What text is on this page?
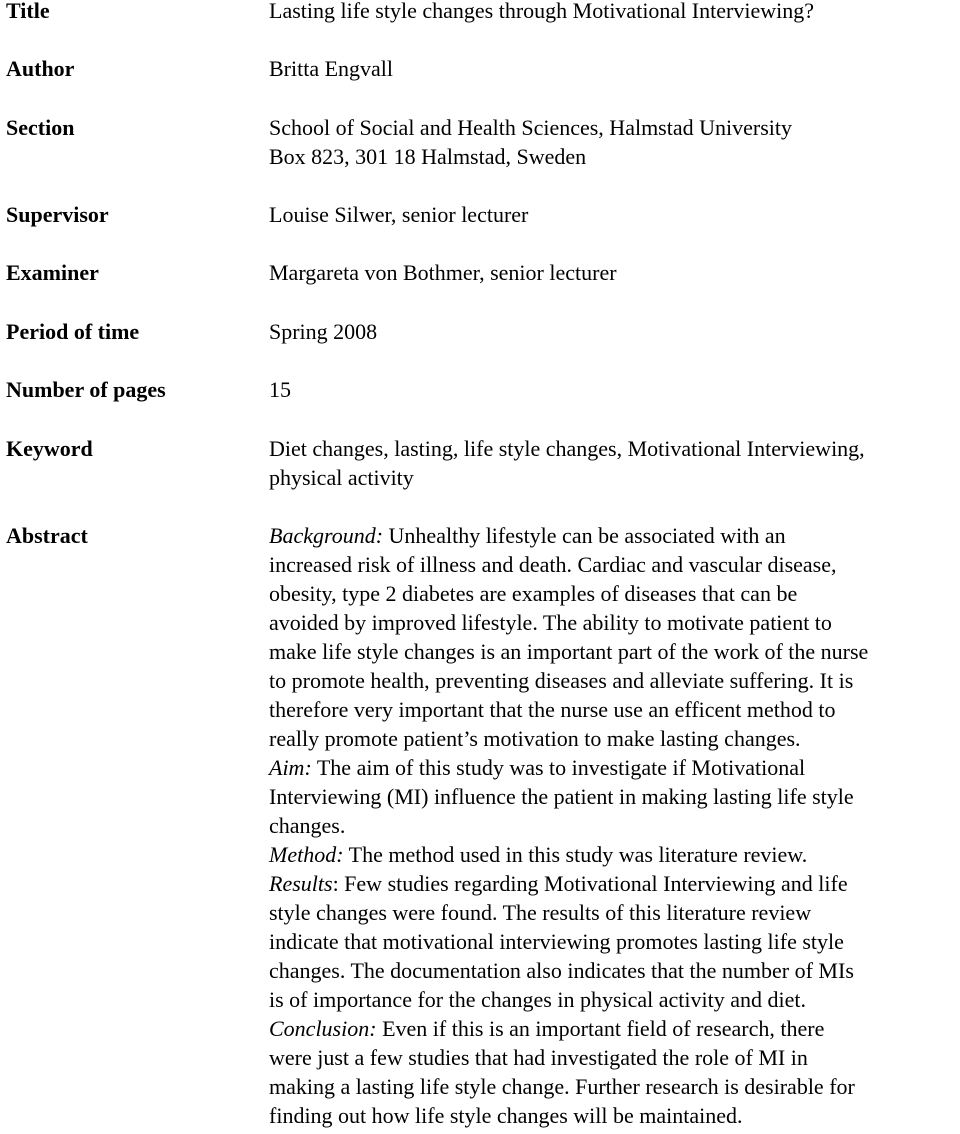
Title	Lasting life style changes through Motivational Interviewing?
Author	Britta Engvall
Section	School of Social and Health Sciences, Halmstad University
Box 823, 301 18 Halmstad, Sweden
Supervisor	Louise Silwer, senior lecturer
Examiner	Margareta von Bothmer, senior lecturer
Period of time	Spring 2008
Number of pages	15
Keyword	Diet changes, lasting, life style changes, Motivational Interviewing,
physical activity
Abstract	Background: Unhealthy lifestyle can be associated with an
increased risk of illness and death. Cardiac and vascular disease,
obesity, type 2 diabetes are examples of diseases that can be
avoided by improved lifestyle. The ability to motivate patient to
make life style changes is an important part of the work of the nurse
to promote health, preventing diseases and alleviate suffering. It is
therefore very important that the nurse use an efficent method to
really promote patient’s motivation to make lasting changes.
Aim: The aim of this study was to investigate if Motivational
Interviewing (MI) influence the patient in making lasting life style
changes.
Method: The method used in this study was literature review.
Results: Few studies regarding Motivational Interviewing and life
style changes were found. The results of this literature review
indicate that motivational interviewing promotes lasting life style
changes. The documentation also indicates that the number of MIs
is of importance for the changes in physical activity and diet.
Conclusion: Even if this is an important field of research, there
were just a few studies that had investigated the role of MI in
making a lasting life style change. Further research is desirable for
finding out how life style changes will be maintained.
